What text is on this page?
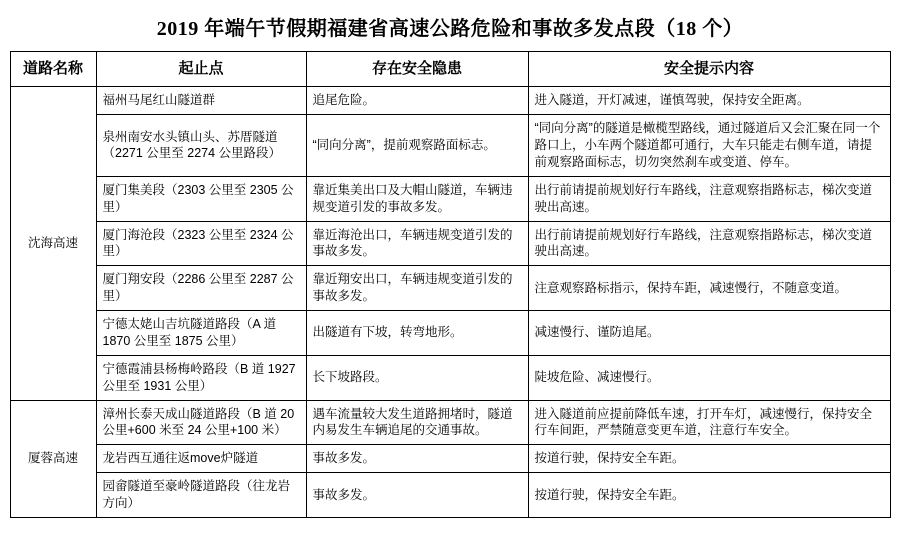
2019 年端午节假期福建省高速公路危险和事故多发点段（18 个）
道路名称	起止点	存在安全隐患	安全提示内容
沈海高速	福州马尾红山隧道群	追尾危险。	进入隧道，开灯减速，谨慎驾驶，保持安全距离。
	泉州南安水头镇山头、苏厝隧道（2271 公里至 2274 公里路段）	“同向分离”，提前观察路面标志。	“同向分离”的隧道是橄榄型路线，通过隧道后又会汇聚在同一个路口上，小车两个隧道都可通行，大车只能走右侧车道，请提前观察路面标志，切勿突然刹车或变道、停车。
	厦门集美段（2303 公里至 2305 公里）	靠近集美出口及大帽山隧道，车辆违规变道引发的事故多发。	出行前请提前规划好行车路线，注意观察指路标志，梯次变道驶出高速。
	厦门海沧段（2323 公里至 2324 公里）	靠近海沧出口，车辆违规变道引发的事故多发。	出行前请提前规划好行车路线，注意观察指路标志，梯次变道驶出高速。
	厦门翔安段（2286 公里至 2287 公里）	靠近翔安出口，车辆违规变道引发的事故多发。	注意观察路标指示，保持车距，减速慢行，不随意变道。
	宁德太姥山吉坑隧道路段（A 道 1870 公里至 1875 公里）	出隧道有下坡，转弯地形。	减速慢行、谨防追尾。
	宁德霞浦县杨梅岭路段（B 道 1927 公里至 1931 公里）	长下坡路段。	陡坡危险、减速慢行。
厦蓉高速	漳州长泰天成山隧道路段（B 道 20 公里+600 米至 24 公里+100 米）	遇车流量较大发生道路拥堵时，隧道内易发生车辆追尾的交通事故。	进入隧道前应提前降低车速，打开车灯，减速慢行，保持安全行车间距，严禁随意变更车道，注意行车安全。
	龙岩西互通往返move炉隧道	事故多发。	按道行驶，保持安全车距。
	园畲隧道至豪岭隧道路段（往龙岩方向）	事故多发。	按道行驶，保持安全车距。
